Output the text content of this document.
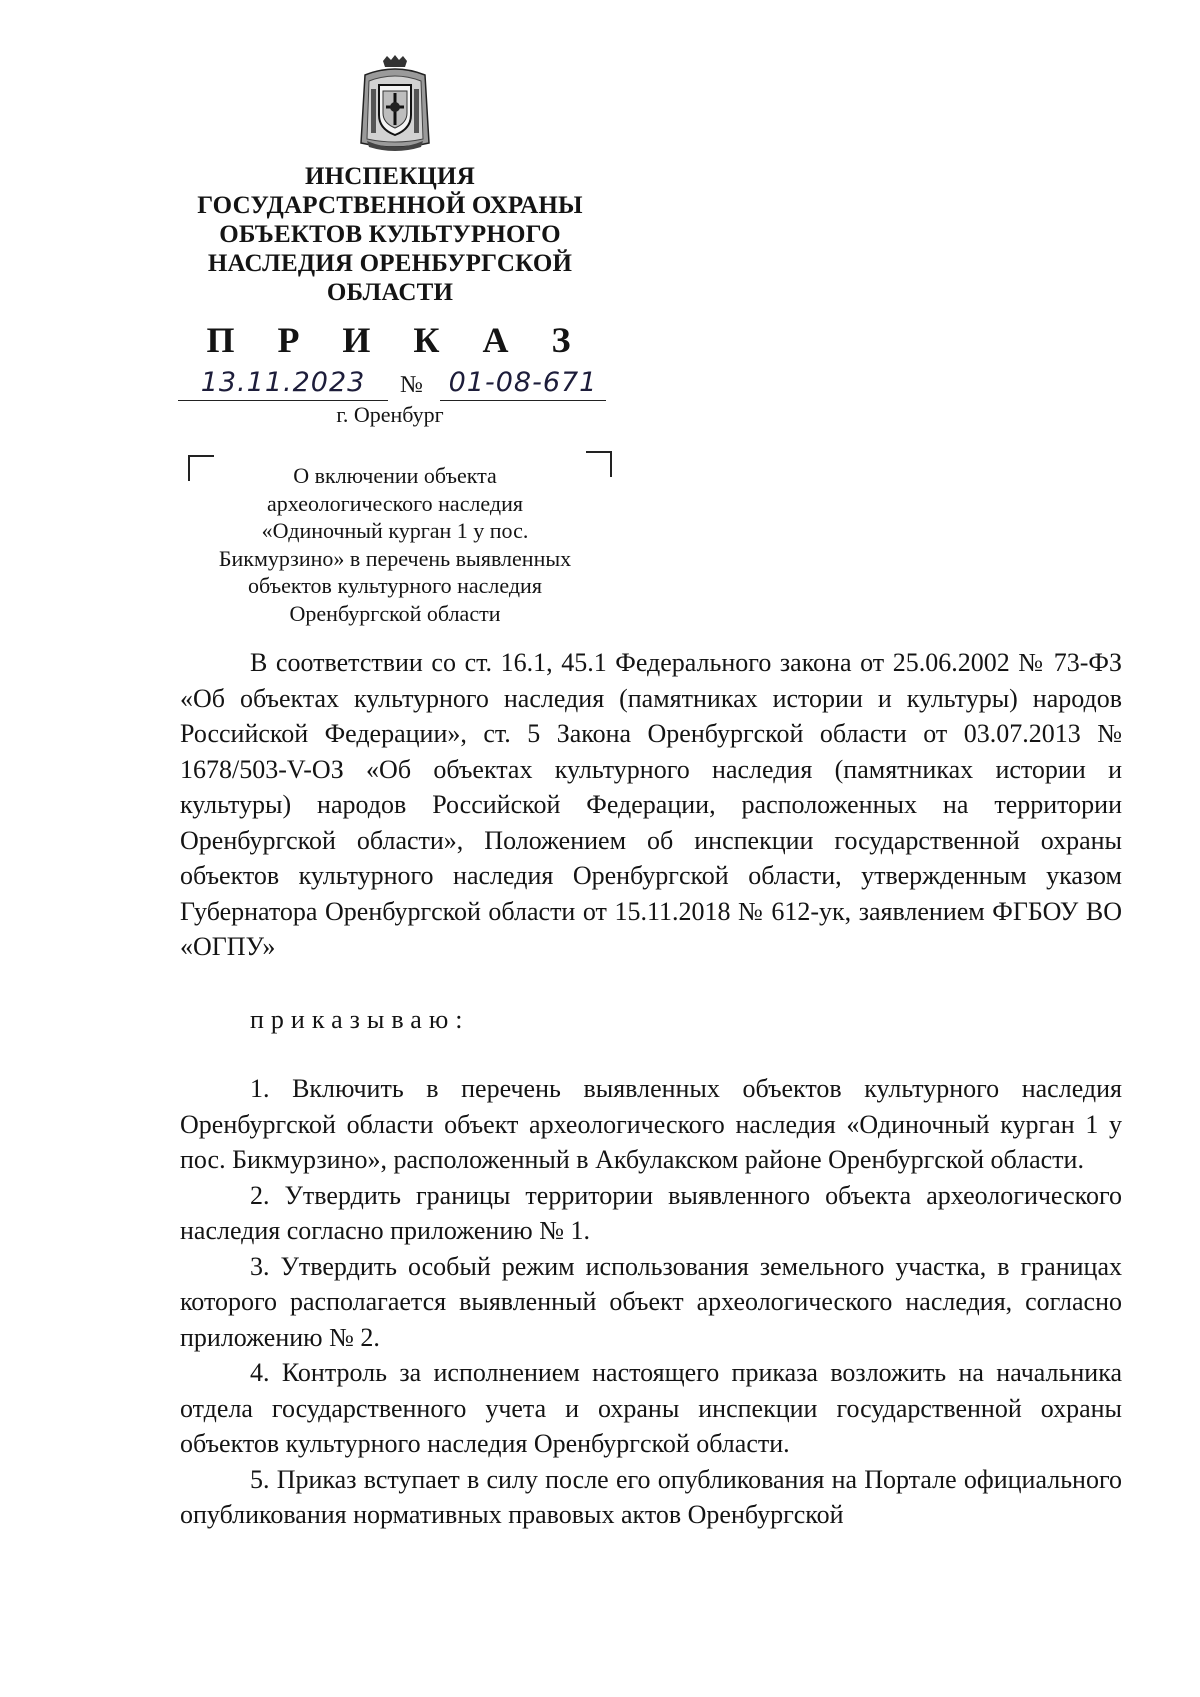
ИНСПЕКЦИЯ
ГОСУДАРСТВЕННОЙ ОХРАНЫ
ОБЪЕКТОВ КУЛЬТУРНОГО
НАСЛЕДИЯ ОРЕНБУРГСКОЙ
ОБЛАСТИ
П Р И К А З
13.11.2023	№ 01-08-671
г. Оренбург
О включении объекта
археологического наследия
«Одиночный курган 1 у пос.
Бикмурзино» в перечень выявленных
объектов культурного наследия
Оренбургской области

В соответствии со ст. 16.1, 45.1 Федерального закона от 25.06.2002 № 73-ФЗ «Об объектах культурного наследия (памятниках истории и культуры) народов Российской Федерации», ст. 5 Закона Оренбургской области от 03.07.2013 № 1678/503-V-ОЗ «Об объектах культурного наследия (памятниках истории и культуры) народов Российской Федерации, расположенных на территории Оренбургской области», Положением об инспекции государственной охраны объектов культурного наследия Оренбургской области, утвержденным указом Губернатора Оренбургской области от 15.11.2018 № 612-ук, заявлением ФГБОУ ВО «ОГПУ»

приказываю:

1. Включить в перечень выявленных объектов культурного наследия Оренбургской области объект археологического наследия «Одиночный курган 1 у пос. Бикмурзино», расположенный в Акбулакском районе Оренбургской области.

2. Утвердить границы территории выявленного объекта археологического наследия согласно приложению № 1.

3. Утвердить особый режим использования земельного участка, в границах которого располагается выявленный объект археологического наследия, согласно приложению № 2.

4. Контроль за исполнением настоящего приказа возложить на начальника отдела государственного учета и охраны инспекции государственной охраны объектов культурного наследия Оренбургской области.

5. Приказ вступает в силу после его опубликования на Портале официального опубликования нормативных правовых актов Оренбургской
